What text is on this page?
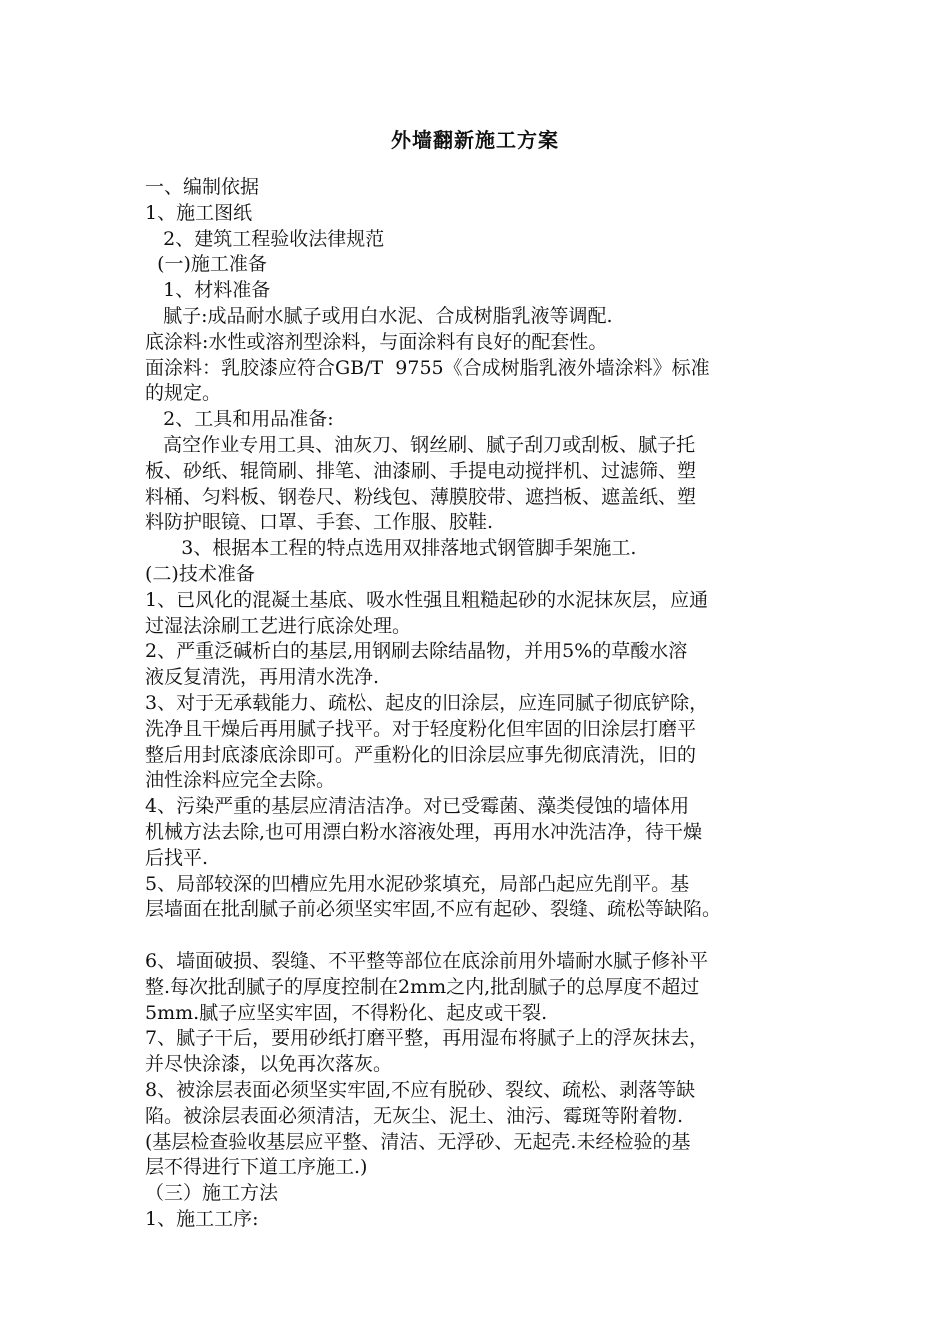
外墙翻新施工方案
一、编制依据
1、施工图纸
2、建筑工程验收法律规范
(一)施工准备
1、材料准备
腻子:成品耐水腻子或用白水泥、合成树脂乳液等调配.
底涂料:水性或溶剂型涂料，与面涂料有良好的配套性。
面涂料：乳胶漆应符合GB/T  9755《合成树脂乳液外墙涂料》标准
的规定。
2、工具和用品准备:
高空作业专用工具、油灰刀、钢丝刷、腻子刮刀或刮板、腻子托
板、砂纸、辊筒刷、排笔、油漆刷、手提电动搅拌机、过滤筛、塑
料桶、匀料板、钢卷尺、粉线包、薄膜胶带、遮挡板、遮盖纸、塑
料防护眼镜、口罩、手套、工作服、胶鞋.
3、根据本工程的特点选用双排落地式钢管脚手架施工.
(二)技术准备
1、已风化的混凝土基底、吸水性强且粗糙起砂的水泥抹灰层，应通
过湿法涂刷工艺进行底涂处理。
2、严重泛碱析白的基层,用钢刷去除结晶物，并用5%的草酸水溶
液反复清洗，再用清水洗净.
3、对于无承载能力、疏松、起皮的旧涂层，应连同腻子彻底铲除，
洗净且干燥后再用腻子找平。对于轻度粉化但牢固的旧涂层打磨平
整后用封底漆底涂即可。严重粉化的旧涂层应事先彻底清洗，旧的
油性涂料应完全去除。
4、污染严重的基层应清洁洁净。对已受霉菌、藻类侵蚀的墙体用
机械方法去除,也可用漂白粉水溶液处理，再用水冲洗洁净，待干燥
后找平.
5、局部较深的凹槽应先用水泥砂浆填充，局部凸起应先削平。基
层墙面在批刮腻子前必须坚实牢固,不应有起砂、裂缝、疏松等缺陷。
6、墙面破损、裂缝、不平整等部位在底涂前用外墙耐水腻子修补平
整.每次批刮腻子的厚度控制在2mm之内,批刮腻子的总厚度不超过
5mm.腻子应坚实牢固，不得粉化、起皮或干裂.
7、腻子干后，要用砂纸打磨平整，再用湿布将腻子上的浮灰抹去，
并尽快涂漆，以免再次落灰。
8、被涂层表面必须坚实牢固,不应有脱砂、裂纹、疏松、剥落等缺
陷。被涂层表面必须清洁，无灰尘、泥土、油污、霉斑等附着物.
(基层检查验收基层应平整、清洁、无浮砂、无起壳.未经检验的基
层不得进行下道工序施工.)
（三）施工方法
1、施工工序:
